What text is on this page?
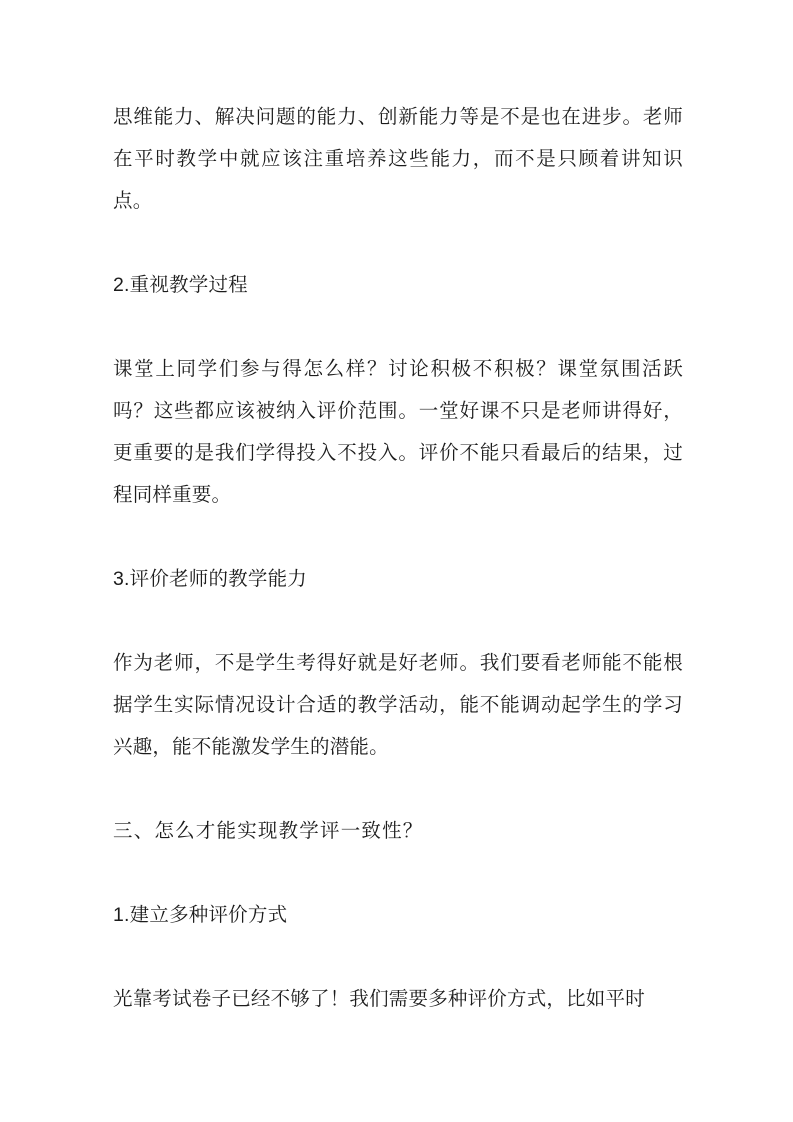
思维能力、解决问题的能力、创新能力等是不是也在进步。老师在平时教学中就应该注重培养这些能力，而不是只顾着讲知识点。

2.重视教学过程

课堂上同学们参与得怎么样？讨论积极不积极？课堂氛围活跃吗？这些都应该被纳入评价范围。一堂好课不只是老师讲得好，更重要的是我们学得投入不投入。评价不能只看最后的结果，过程同样重要。

3.评价老师的教学能力

作为老师，不是学生考得好就是好老师。我们要看老师能不能根据学生实际情况设计合适的教学活动，能不能调动起学生的学习兴趣，能不能激发学生的潜能。

三、怎么才能实现教学评一致性？

1.建立多种评价方式

光靠考试卷子已经不够了！我们需要多种评价方式，比如平时
